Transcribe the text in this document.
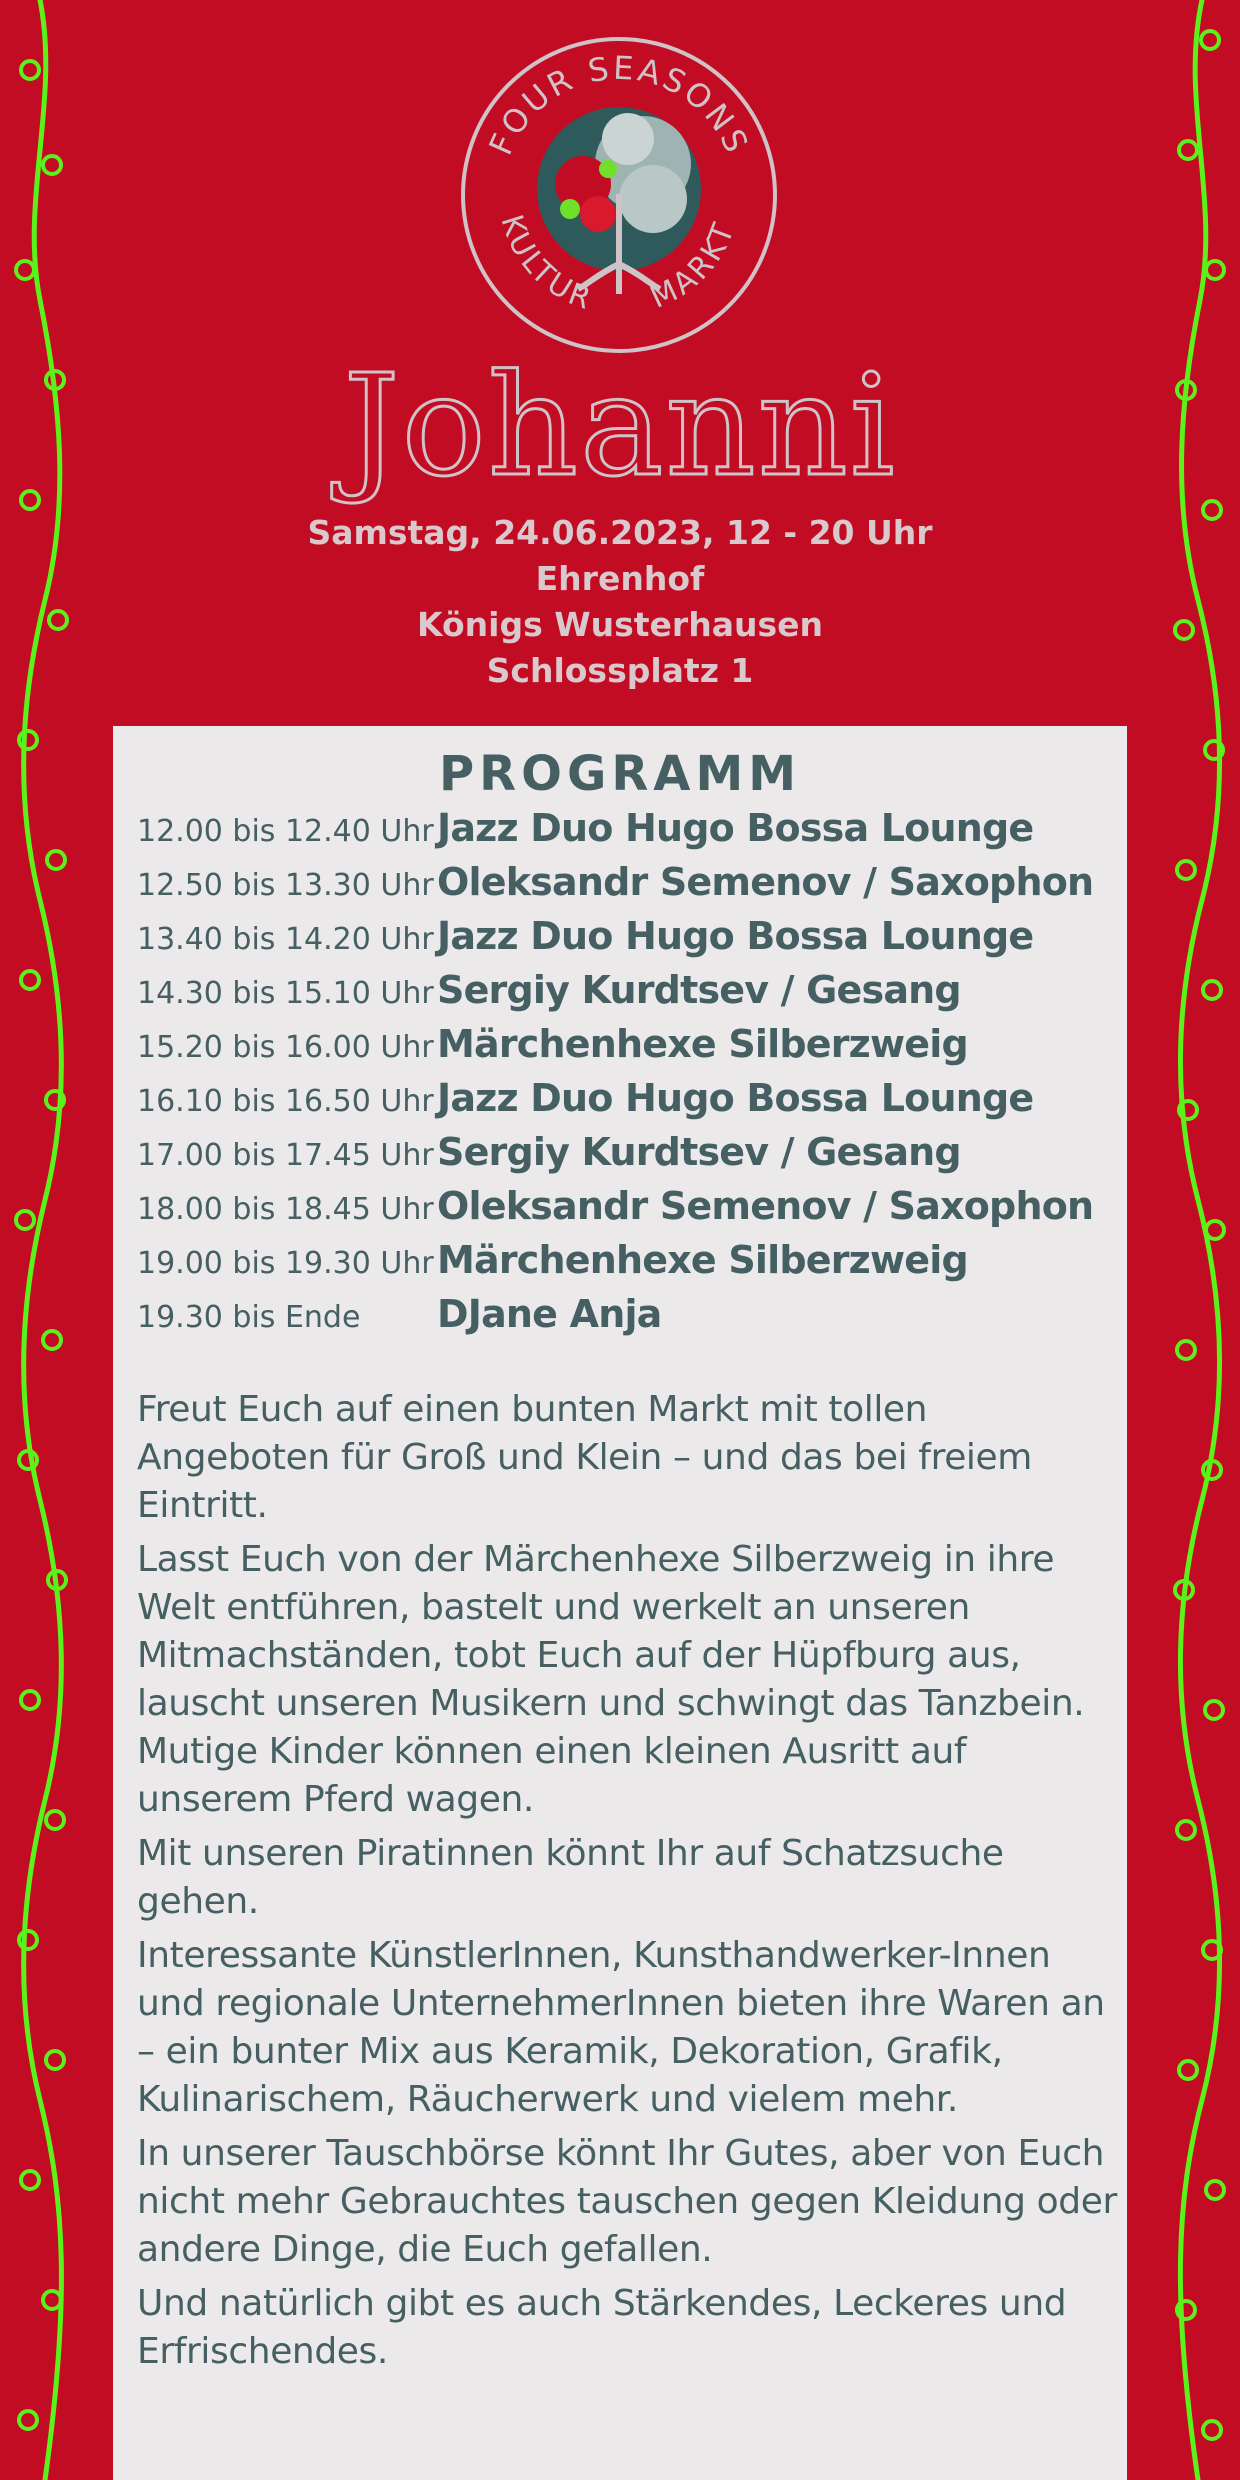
FOUR SEASONS
KULTUR MARKT
Johanni
Samstag, 24.06.2023, 12 - 20 Uhr
Ehrenhof
Königs Wusterhausen
Schlossplatz 1
PROGRAMM
12.00 bis 12.40 Uhr Jazz Duo Hugo Bossa Lounge
12.50 bis 13.30 Uhr Oleksandr Semenov / Saxophon
13.40 bis 14.20 Uhr Jazz Duo Hugo Bossa Lounge
14.30 bis 15.10 Uhr Sergiy Kurdtsev / Gesang
15.20 bis 16.00 Uhr Märchenhexe Silberzweig
16.10 bis 16.50 Uhr Jazz Duo Hugo Bossa Lounge
17.00 bis 17.45 Uhr Sergiy Kurdtsev / Gesang
18.00 bis 18.45 Uhr Oleksandr Semenov / Saxophon
19.00 bis 19.30 Uhr Märchenhexe Silberzweig
19.30 bis Ende	DJane Anja

Freut Euch auf einen bunten Markt mit tollen Angeboten für Groß und Klein – und das bei freiem Eintritt.

Lasst Euch von der Märchenhexe Silberzweig in ihre Welt entführen, bastelt und werkelt an unseren Mitmachständen, tobt Euch auf der Hüpfburg aus, lauscht unseren Musikern und schwingt das Tanzbein. Mutige Kinder können einen kleinen Ausritt auf unserem Pferd wagen.

Mit unseren Piratinnen könnt Ihr auf Schatzsuche gehen.

Interessante KünstlerInnen, Kunsthandwerker-Innen und regionale UnternehmerInnen bieten ihre Waren an – ein bunter Mix aus Keramik, Dekoration, Grafik, Kulinarischem, Räucherwerk und vielem mehr.

In unserer Tauschbörse könnt Ihr Gutes, aber von Euch nicht mehr Gebrauchtes tauschen gegen Kleidung oder andere Dinge, die Euch gefallen.

Und natürlich gibt es auch Stärkendes, Leckeres und Erfrischendes.
